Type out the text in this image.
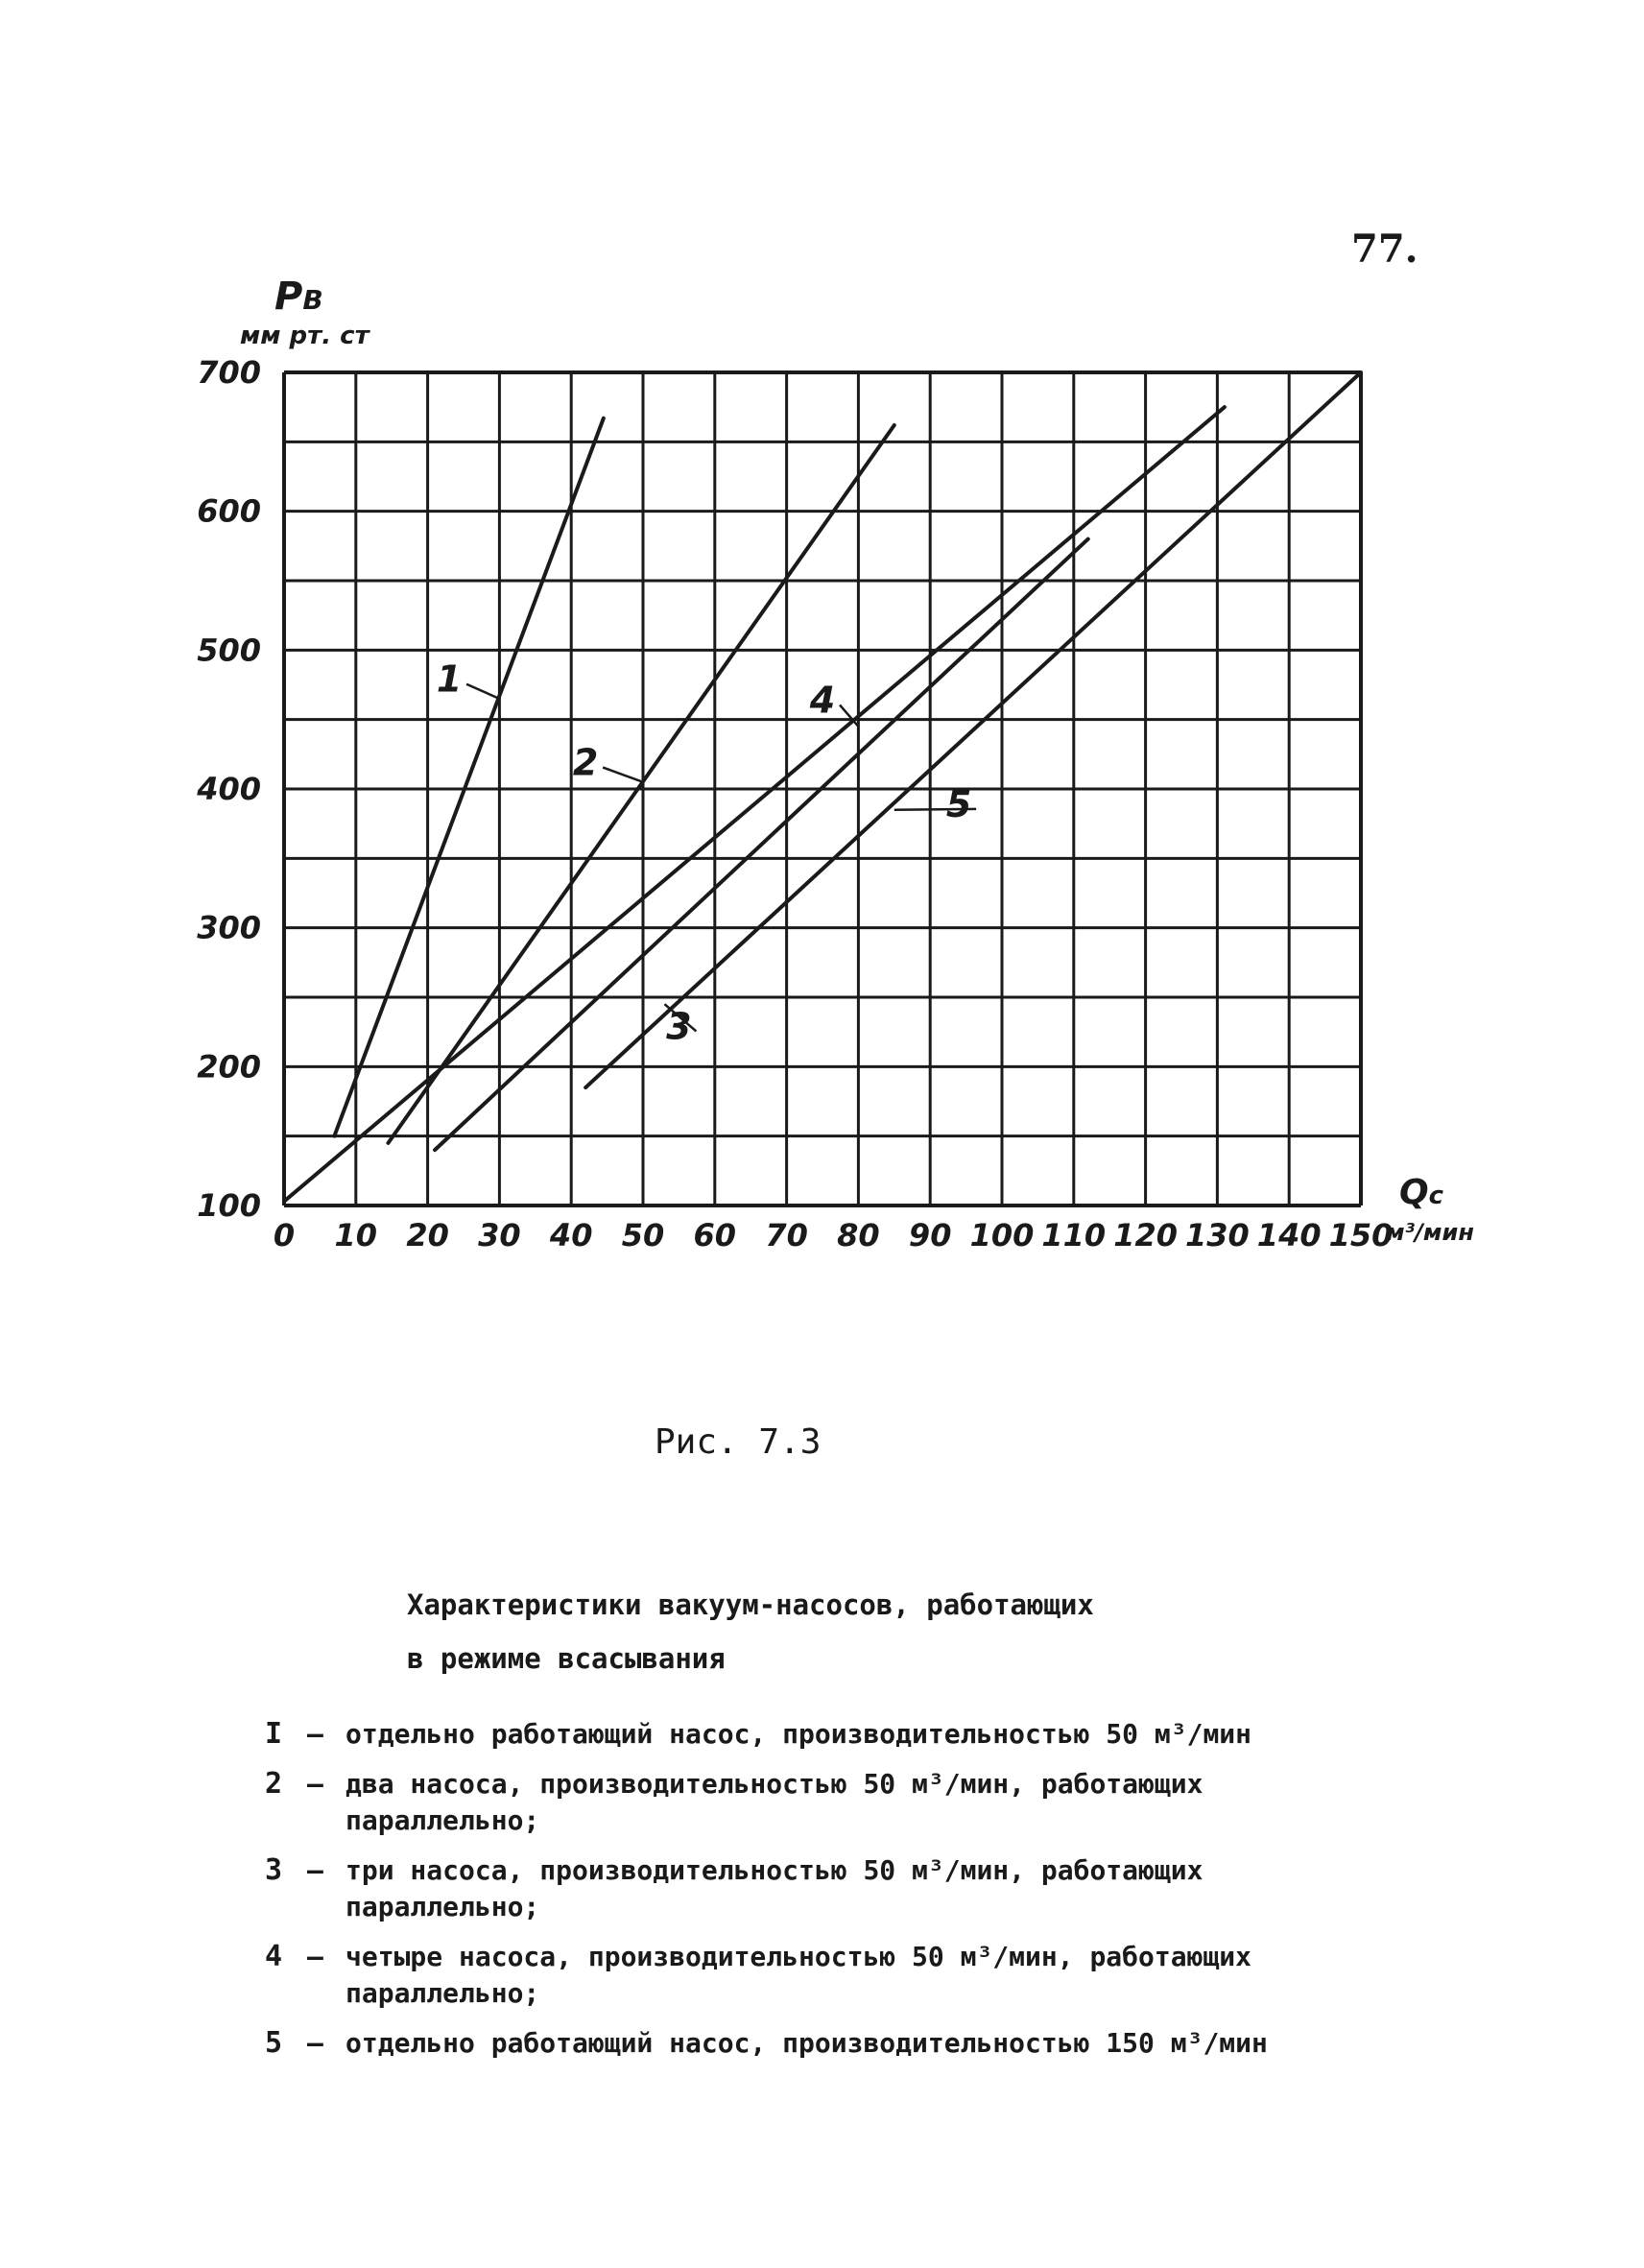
77.
0 10 20 30 40 50 60 70 80 90 100 110 120 130 140 150
100
200
300
400
500
600
700
1
2
3
4
5
PB
мм рт. ст
Qc
м³/мин
Рис. 7.3
Характеристики вакуум-насосов, работающих
в режиме всасывания
I – отдельно работающий насос, производительностью 50 м³/мин
2 – два насоса, производительностью 50 м³/мин, работающих параллельно;
3 – три насоса, производительностью 50 м³/мин, работающих параллельно;
4 – четыре насоса, производительностью 50 м³/мин, работающих параллельно;
5 – отдельно работающий насос, производительностью 150 м³/мин
